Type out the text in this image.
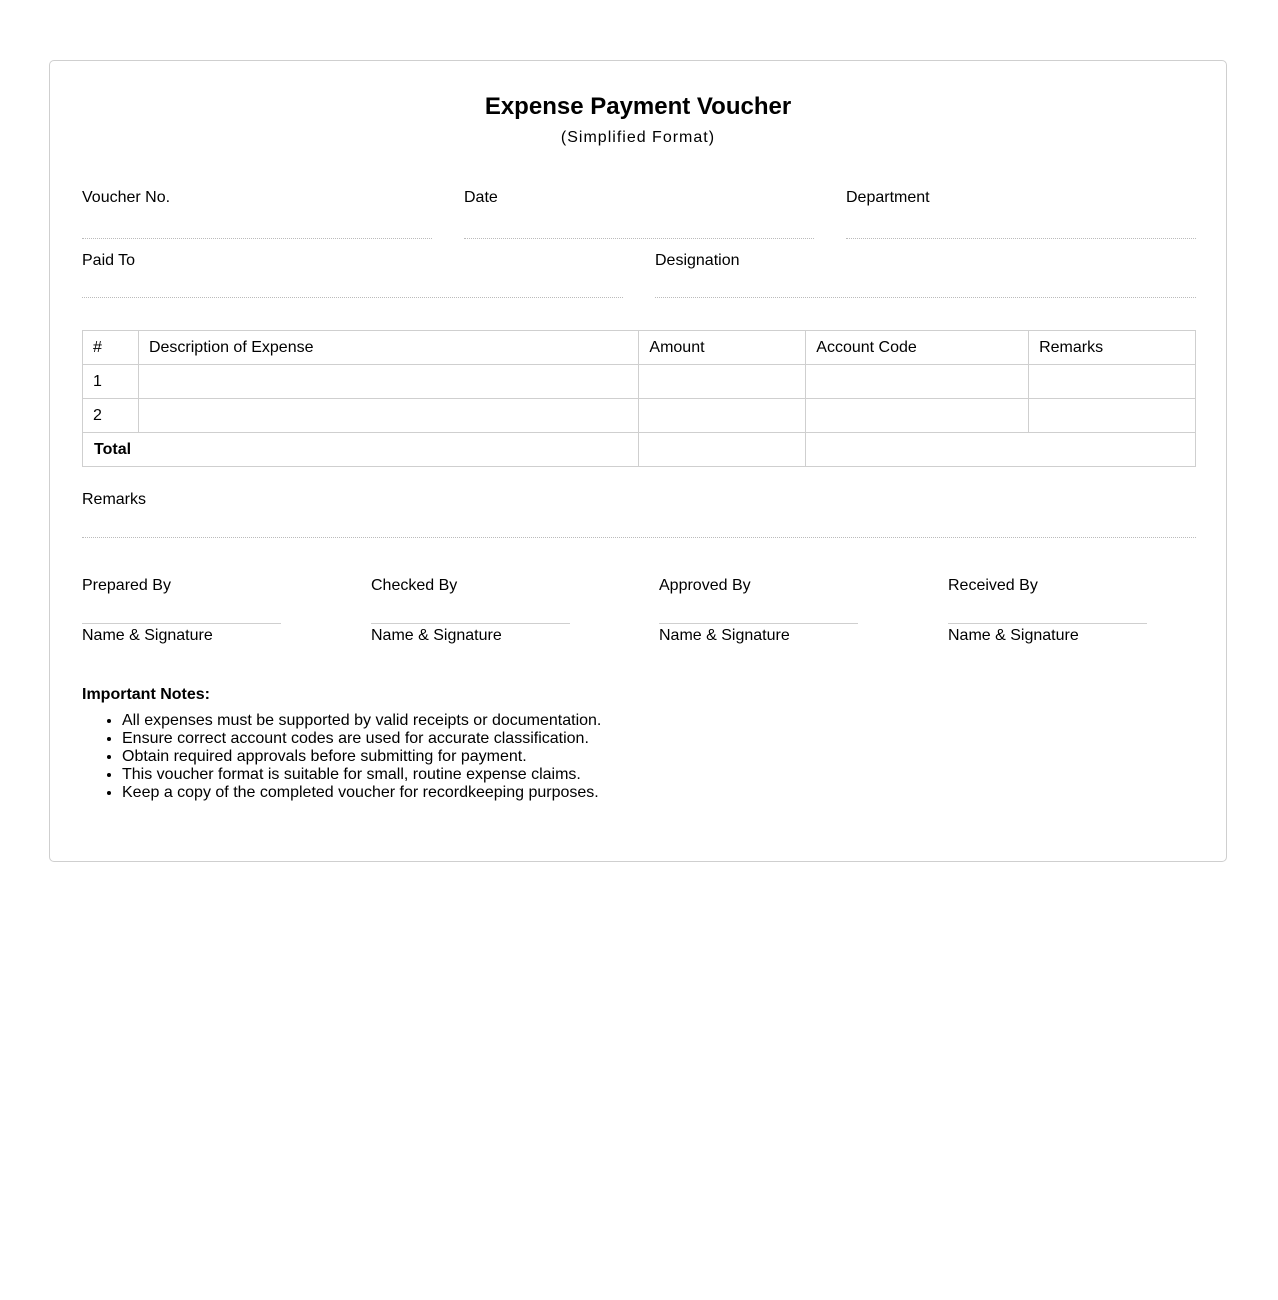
Expense Payment Voucher
(Simplified Format)
Voucher No.	Date	Department
Paid To	Designation
#	Description of Expense	Amount	Account Code	Remarks
1				
2				
Total				
Remarks
Prepared By
Name & Signature
Checked By
Name & Signature
Approved By
Name & Signature
Received By
Name & Signature
Important Notes:
• All expenses must be supported by valid receipts or documentation.
• Ensure correct account codes are used for accurate classification.
• Obtain required approvals before submitting for payment.
• This voucher format is suitable for small, routine expense claims.
• Keep a copy of the completed voucher for recordkeeping purposes.
